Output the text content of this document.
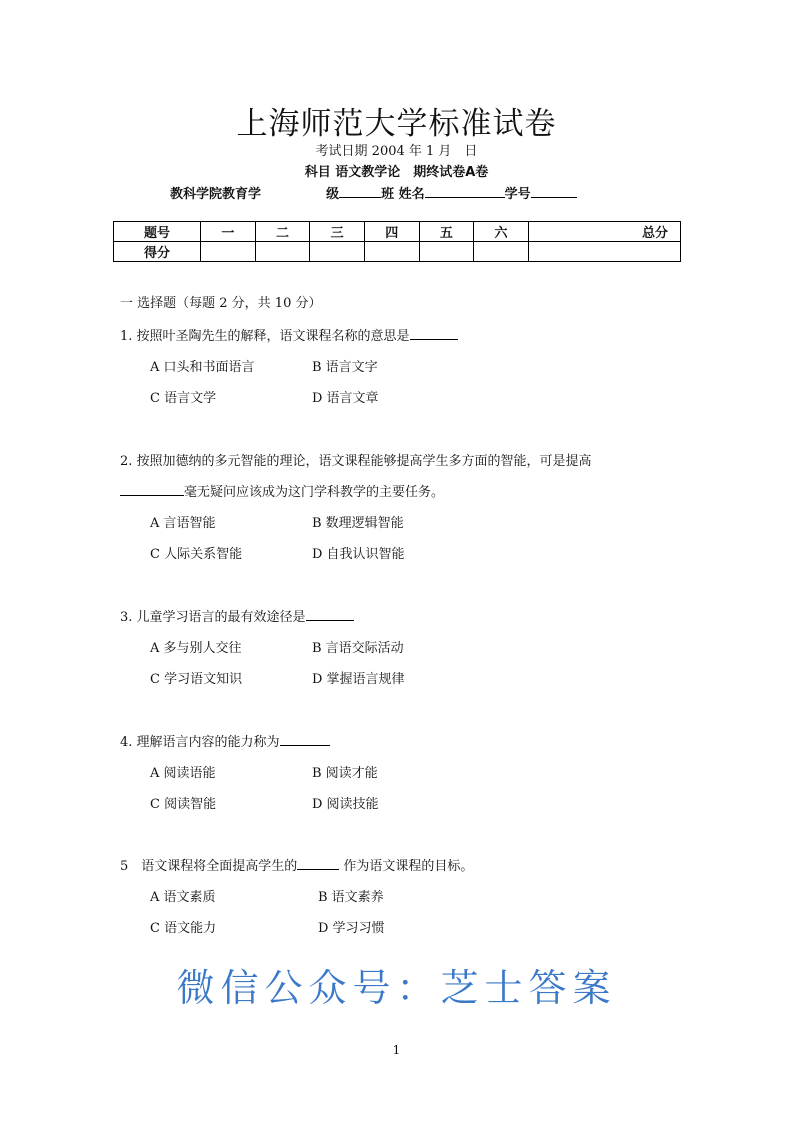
上海师范大学标准试卷
考试日期 2004 年 1 月　日
科目 语文教学论　期终试卷A卷
教科学院教育学	级	班 姓名	学号
题号	一	二	三	四	五	六	总分
得分							
一 选择题（每题 2 分，共 10 分）
1. 按照叶圣陶先生的解释，语文课程名称的意思是
A 口头和书面语言	B 语言文字
C 语言文学	D 语言文章
2. 按照加德纳的多元智能的理论，语文课程能够提高学生多方面的智能，可是提高
毫无疑问应该成为这门学科教学的主要任务。
A 言语智能	B 数理逻辑智能
C 人际关系智能	D 自我认识智能
3. 儿童学习语言的最有效途径是
A 多与别人交往	B 言语交际活动
C 学习语文知识	D 掌握语言规律
4. 理解语言内容的能力称为
A 阅读语能	B 阅读才能
C 阅读智能	D 阅读技能
5　语文课程将全面提高学生的	作为语文课程的目标。
A 语文素质	B 语文素养
C 语文能力	D 学习习惯
微信公众号：芝士答案
1
